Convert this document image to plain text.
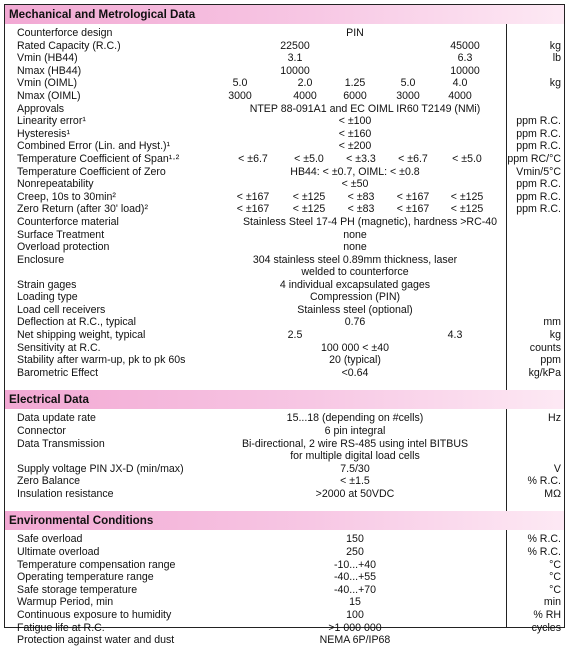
Mechanical and Metrological Data
Counterforce design	PIN
Rated Capacity (R.C.)	22500	45000	kg
Vmin (HB44)	3.1	6.3	lb
Nmax (HB44)	10000	10000
Vmin (OIML)	5.0	2.0	1.25	5.0	4.0	kg
Nmax (OIML)	3000	4000	6000	3000	4000
Approvals	NTEP 88-091A1 and EC OIML IR60 T2149 (NMi)
Linearity error¹	< ±100	ppm R.C.
Hysteresis¹	< ±160	ppm R.C.
Combined Error (Lin. and Hyst.)¹	< ±200	ppm R.C.
Temperature Coefficient of Span¹·²	< ±6.7	< ±5.0	< ±3.3	< ±6.7	< ±5.0	ppm RC/°C
Temperature Coefficient of Zero	HB44: < ±0.7, OIML: < ±0.8	Vmin/5°C
Nonrepeatability	< ±50	ppm R.C.
Creep, 10s to 30min²	< ±167	< ±125	< ±83	< ±167	< ±125	ppm R.C.
Zero Return (after 30' load)²	< ±167	< ±125	< ±83	< ±167	< ±125	ppm R.C.
Counterforce material	Stainless Steel 17-4 PH (magnetic), hardness >RC-40
Surface Treatment	none
Overload protection	none
Enclosure	304 stainless steel 0.89mm thickness, laser welded to counterforce
Strain gages	4 individual excapsulated gages
Loading type	Compression (PIN)
Load cell receivers	Stainless steel (optional)
Deflection at R.C., typical	0.76	mm
Net shipping weight, typical	2.5	4.3	kg
Sensitivity at R.C.	100 000 < ±40	counts
Stability after warm-up, pk to pk 60s	20 (typical)	ppm
Barometric Effect	<0.64	kg/kPa
Electrical Data
Data update rate	15...18 (depending on #cells)	Hz
Connector	6 pin integral
Data Transmission	Bi-directional, 2 wire RS-485 using intel BITBUS for multiple digital load cells
Supply voltage PIN JX-D (min/max)	7.5/30	V
Zero Balance	< ±1.5	% R.C.
Insulation resistance	>2000 at 50VDC	MΩ
Environmental Conditions
Safe overload	150	% R.C.
Ultimate overload	250	% R.C.
Temperature compensation range	-10...+40	°C
Operating temperature range	-40...+55	°C
Safe storage temperature	-40...+70	°C
Warmup Period, min	15	min
Continuous exposure to humidity	100	% RH
Fatigue life at R.C.	>1 000 000	cycles
Protection against water and dust	NEMA 6P/IP68
